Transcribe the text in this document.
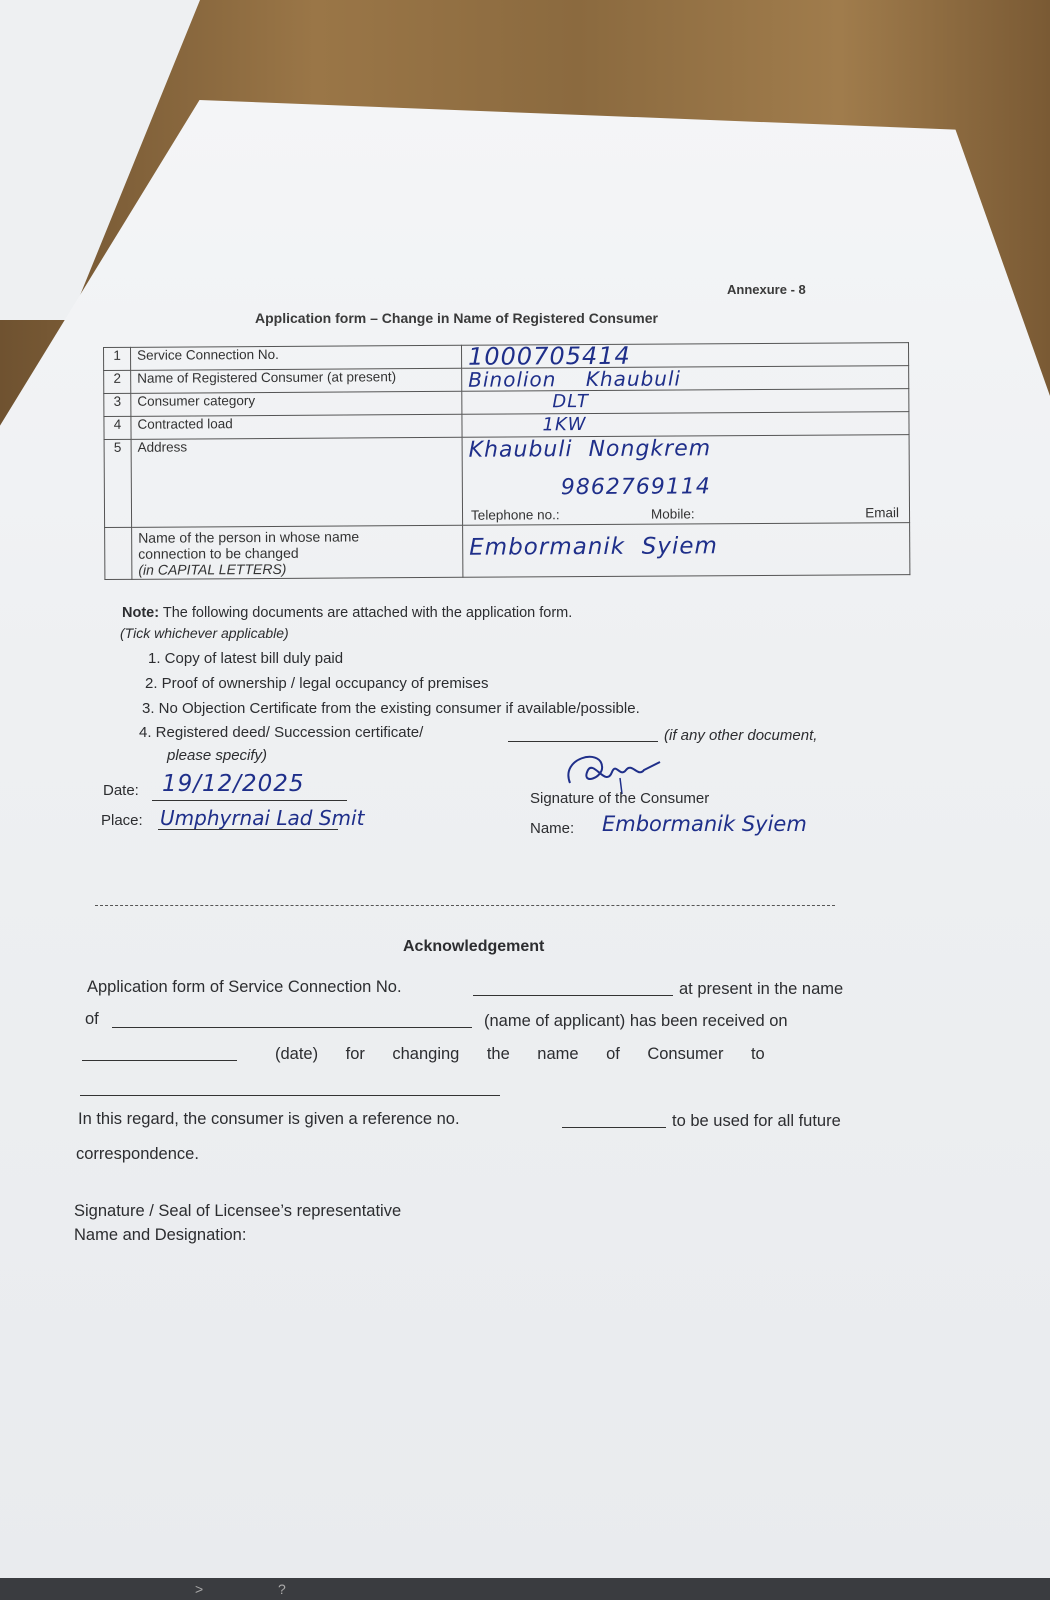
Annexure - 8
Application form – Change in Name of Registered Consumer
1	Service Connection No.	1000705414
2	Name of Registered Consumer (at present)	Binolion    Khaubuli
3	Consumer category	DLT
4	Contracted load	1KW
5	Address	Khaubuli  Nongkrem
9862769114
Telephone no.: Mobile: Email

	Name of the person in whose name
connection to be changed
(in CAPITAL LETTERS)	Embormanik  Syiem
Note: The following documents are attached with the application form.
(Tick whichever applicable)
1. Copy of latest bill duly paid
2. Proof of ownership / legal occupancy of premises
3. No Objection Certificate from the existing consumer if available/possible.
4. Registered deed/ Succession certificate/	(if any other document,
please specify)
Date: 19/12/2025
Place: Umphyrnai Lad Smit
Signature of the Consumer
Name: Embormanik Syiem
Acknowledgement
Application form of Service Connection No.	at present in the name
of	(name of applicant) has been received on
(date)      for      changing      the      name      of      Consumer      to
In this regard, the consumer is given a reference no.	to be used for all future
correspondence.
Signature / Seal of Licensee’s representative
Name and Designation:
>	?
